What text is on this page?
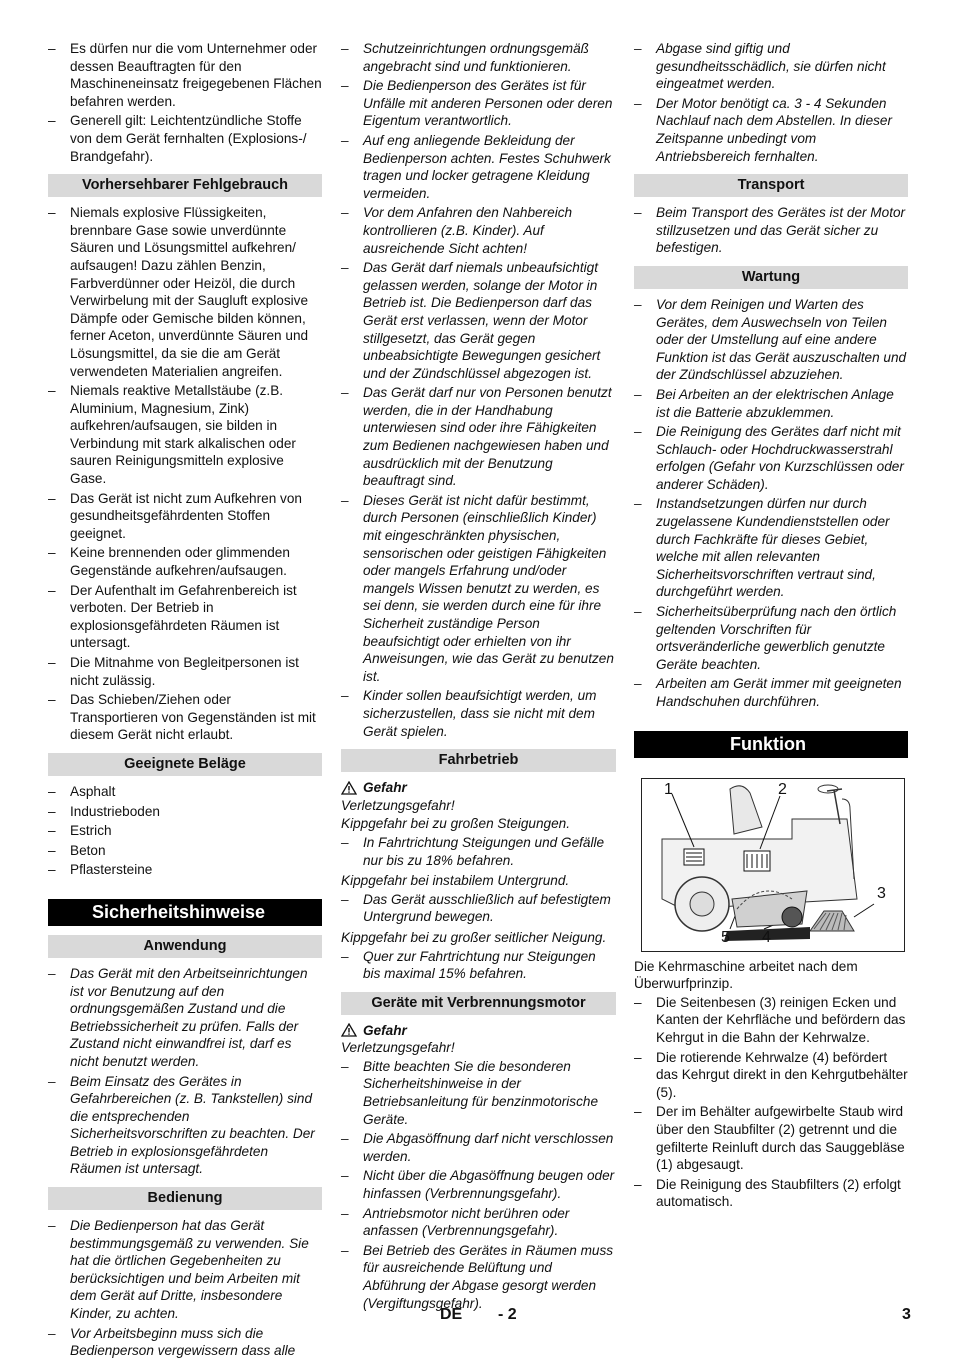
– Es dürfen nur die vom Unternehmer oder dessen Beauftragten für den Maschineneinsatz freigegebenen Flächen befahren werden.
– Generell gilt: Leichtentzündliche Stoffe von dem Gerät fernhalten (Explosions-/ Brandgefahr).
Vorhersehbarer Fehlgebrauch
– Niemals explosive Flüssigkeiten, brennbare Gase sowie unverdünnte Säuren und Lösungsmittel aufkehren/ aufsaugen! Dazu zählen Benzin, Farbverdünner oder Heizöl, die durch Verwirbelung mit der Saugluft explosive Dämpfe oder Gemische bilden können, ferner Aceton, unverdünnte Säuren und Lösungsmittel, da sie die am Gerät verwendeten Materialien angreifen.
– Niemals reaktive Metallstäube (z.B. Aluminium, Magnesium, Zink) aufkehren/aufsaugen, sie bilden in Verbindung mit stark alkalischen oder sauren Reinigungsmitteln explosive Gase.
– Das Gerät ist nicht zum Aufkehren von gesundheitsgefährdenten Stoffen geeignet.
– Keine brennenden oder glimmenden Gegenstände aufkehren/aufsaugen.
– Der Aufenthalt im Gefahrenbereich ist verboten. Der Betrieb in explosionsgefährdeten Räumen ist untersagt.
– Die Mitnahme von Begleitpersonen ist nicht zulässig.
– Das Schieben/Ziehen oder Transportieren von Gegenständen ist mit diesem Gerät nicht erlaubt.
Geeignete Beläge
– Asphalt
– Industrieboden
– Estrich
– Beton
– Pflastersteine
Sicherheitshinweise
Anwendung
– Das Gerät mit den Arbeitseinrichtungen ist vor Benutzung auf den ordnungsgemäßen Zustand und die Betriebssicherheit zu prüfen. Falls der Zustand nicht einwandfrei ist, darf es nicht benutzt werden.
– Beim Einsatz des Gerätes in Gefahrbereichen (z. B. Tankstellen) sind die entsprechenden Sicherheitsvorschriften zu beachten. Der Betrieb in explosionsgefährdeten Räumen ist untersagt.
Bedienung
– Die Bedienperson hat das Gerät bestimmungsgemäß zu verwenden. Sie hat die örtlichen Gegebenheiten zu berücksichtigen und beim Arbeiten mit dem Gerät auf Dritte, insbesondere Kinder, zu achten.
– Vor Arbeitsbeginn muss sich die Bedienperson vergewissern dass alle
– Schutzeinrichtungen ordnungsgemäß angebracht sind und funktionieren.
– Die Bedienperson des Gerätes ist für Unfälle mit anderen Personen oder deren Eigentum verantwortlich.
– Auf eng anliegende Bekleidung der Bedienperson achten. Festes Schuhwerk tragen und locker getragene Kleidung vermeiden.
– Vor dem Anfahren den Nahbereich kontrollieren (z.B. Kinder). Auf ausreichende Sicht achten!
– Das Gerät darf niemals unbeaufsichtigt gelassen werden, solange der Motor in Betrieb ist. Die Bedienperson darf das Gerät erst verlassen, wenn der Motor stillgesetzt, das Gerät gegen unbeabsichtigte Bewegungen gesichert und der Zündschlüssel abgezogen ist.
– Das Gerät darf nur von Personen benutzt werden, die in der Handhabung unterwiesen sind oder ihre Fähigkeiten zum Bedienen nachgewiesen haben und ausdrücklich mit der Benutzung beauftragt sind.
– Dieses Gerät ist nicht dafür bestimmt, durch Personen (einschließlich Kinder) mit eingeschränkten physischen, sensorischen oder geistigen Fähigkeiten oder mangels Erfahrung und/oder mangels Wissen benutzt zu werden, es sei denn, sie werden durch eine für ihre Sicherheit zuständige Person beaufsichtigt oder erhielten von ihr Anweisungen, wie das Gerät zu benutzen ist.
– Kinder sollen beaufsichtigt werden, um sicherzustellen, dass sie nicht mit dem Gerät spielen.
Fahrbetrieb
Gefahr

Verletzungsgefahr!

Kippgefahr bei zu großen Steigungen.

– In Fahrtrichtung Steigungen und Gefälle nur bis zu 18% befahren.

Kippgefahr bei instabilem Untergrund.

– Das Gerät ausschließlich auf befestigtem Untergrund bewegen.

Kippgefahr bei zu großer seitlicher Neigung.

– Quer zur Fahrtrichtung nur Steigungen bis maximal 15% befahren.
Geräte mit Verbrennungsmotor
Gefahr

Verletzungsgefahr!

– Bitte beachten Sie die besonderen Sicherheitshinweise in der Betriebsanleitung für benzinmotorische Geräte.
– Die Abgasöffnung darf nicht verschlossen werden.
– Nicht über die Abgasöffnung beugen oder hinfassen (Verbrennungsgefahr).
– Antriebsmotor nicht berühren oder anfassen (Verbrennungsgefahr).
– Bei Betrieb des Gerätes in Räumen muss für ausreichende Belüftung und Abführung der Abgase gesorgt werden (Vergiftungsgefahr).
– Abgase sind giftig und gesundheitsschädlich, sie dürfen nicht eingeatmet werden.
– Der Motor benötigt ca. 3 - 4 Sekunden Nachlauf nach dem Abstellen. In dieser Zeitspanne unbedingt vom Antriebsbereich fernhalten.
Transport
– Beim Transport des Gerätes ist der Motor stillzusetzen und das Gerät sicher zu befestigen.
Wartung
– Vor dem Reinigen und Warten des Gerätes, dem Auswechseln von Teilen oder der Umstellung auf eine andere Funktion ist das Gerät auszuschalten und der Zündschlüssel abzuziehen.
– Bei Arbeiten an der elektrischen Anlage ist die Batterie abzuklemmen.
– Die Reinigung des Gerätes darf nicht mit Schlauch- oder Hochdruckwasserstrahl erfolgen (Gefahr von Kurzschlüssen oder anderer Schäden).
– Instandsetzungen dürfen nur durch zugelassene Kundendienststellen oder durch Fachkräfte für dieses Gebiet, welche mit allen relevanten Sicherheitsvorschriften vertraut sind, durchgeführt werden.
– Sicherheitsüberprüfung nach den örtlich geltenden Vorschriften für ortsveränderliche gewerblich genutzte Geräte beachten.
– Arbeiten am Gerät immer mit geeigneten Handschuhen durchführen.
Funktion
1	2
3
4
5

Die Kehrmaschine arbeitet nach dem Überwurfprinzip.

– Die Seitenbesen (3) reinigen Ecken und Kanten der Kehrfläche und befördern das Kehrgut in die Bahn der Kehrwalze.
– Die rotierende Kehrwalze (4) befördert das Kehrgut direkt in den Kehrgutbehälter (5).
– Der im Behälter aufgewirbelte Staub wird über den Staubfilter (2) getrennt und die gefilterte Reinluft durch das Sauggebläse (1) abgesaugt.
– Die Reinigung des Staubfilters (2) erfolgt automatisch.
DE - 2	3
